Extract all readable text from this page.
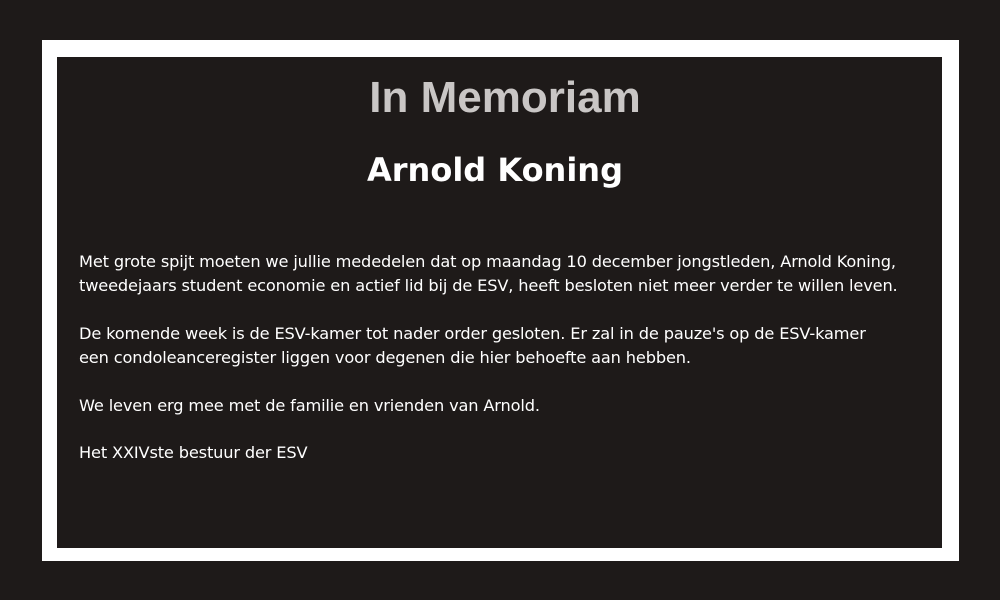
In Memoriam
Arnold Koning

Met grote spijt moeten we jullie mededelen dat op maandag 10 december jongstleden, Arnold Koning,
tweedejaars student economie en actief lid bij de ESV, heeft besloten niet meer verder te willen leven.

De komende week is de ESV-kamer tot nader order gesloten. Er zal in de pauze's op de ESV-kamer
een condoleanceregister liggen voor degenen die hier behoefte aan hebben.

We leven erg mee met de familie en vrienden van Arnold.

Het XXIVste bestuur der ESV
